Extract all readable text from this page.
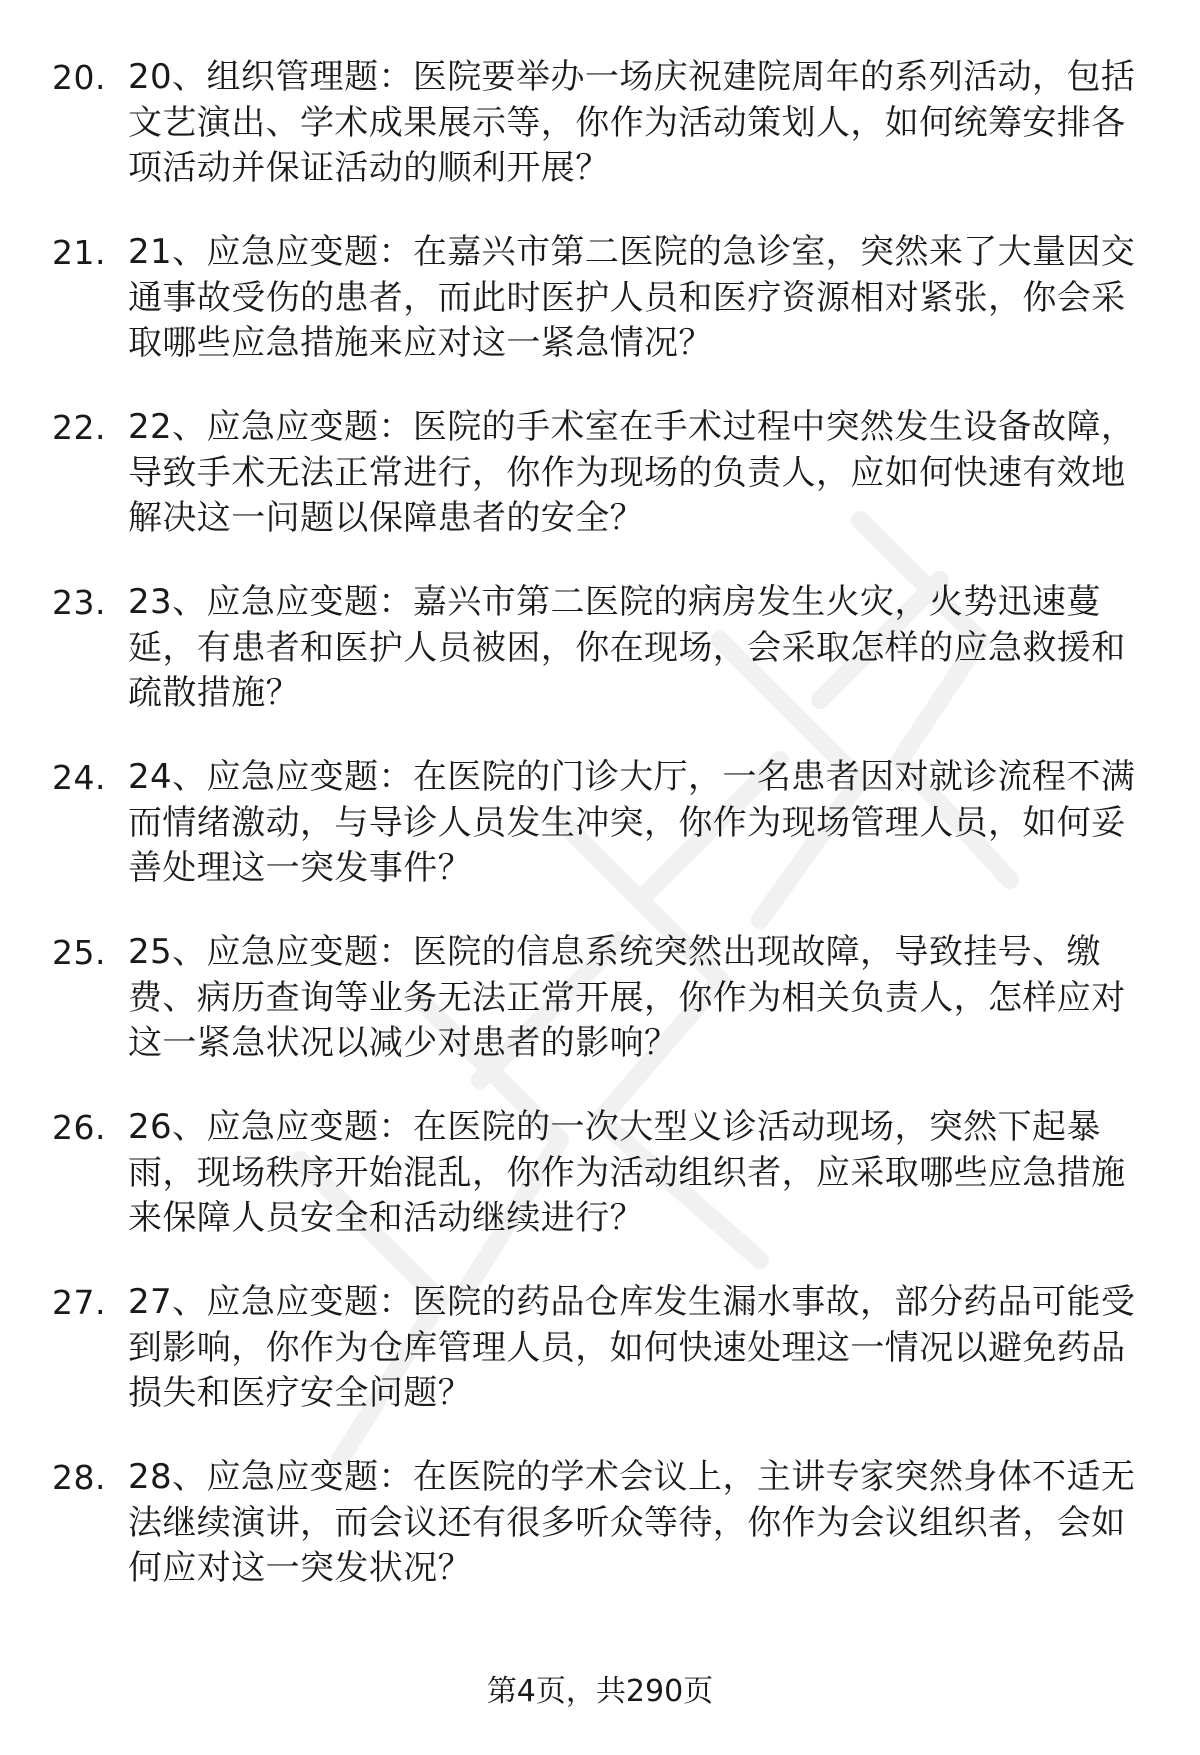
20. 20、组织管理题：医院要举办一场庆祝建院周年的系列活动，包括文艺演出、学术成果展示等，你作为活动策划人，如何统筹安排各项活动并保证活动的顺利开展？
21. 21、应急应变题：在嘉兴市第二医院的急诊室，突然来了大量因交通事故受伤的患者，而此时医护人员和医疗资源相对紧张，你会采取哪些应急措施来应对这一紧急情况？
22. 22、应急应变题：医院的手术室在手术过程中突然发生设备故障，导致手术无法正常进行，你作为现场的负责人，应如何快速有效地解决这一问题以保障患者的安全？
23. 23、应急应变题：嘉兴市第二医院的病房发生火灾，火势迅速蔓延，有患者和医护人员被困，你在现场，会采取怎样的应急救援和疏散措施？
24. 24、应急应变题：在医院的门诊大厅，一名患者因对就诊流程不满而情绪激动，与导诊人员发生冲突，你作为现场管理人员，如何妥善处理这一突发事件？
25. 25、应急应变题：医院的信息系统突然出现故障，导致挂号、缴费、病历查询等业务无法正常开展，你作为相关负责人，怎样应对这一紧急状况以减少对患者的影响？
26. 26、应急应变题：在医院的一次大型义诊活动现场，突然下起暴雨，现场秩序开始混乱，你作为活动组织者，应采取哪些应急措施来保障人员安全和活动继续进行？
27. 27、应急应变题：医院的药品仓库发生漏水事故，部分药品可能受到影响，你作为仓库管理人员，如何快速处理这一情况以避免药品损失和医疗安全问题？
28. 28、应急应变题：在医院的学术会议上，主讲专家突然身体不适无法继续演讲，而会议还有很多听众等待，你作为会议组织者，会如何应对这一突发状况？
第4页，共290页
